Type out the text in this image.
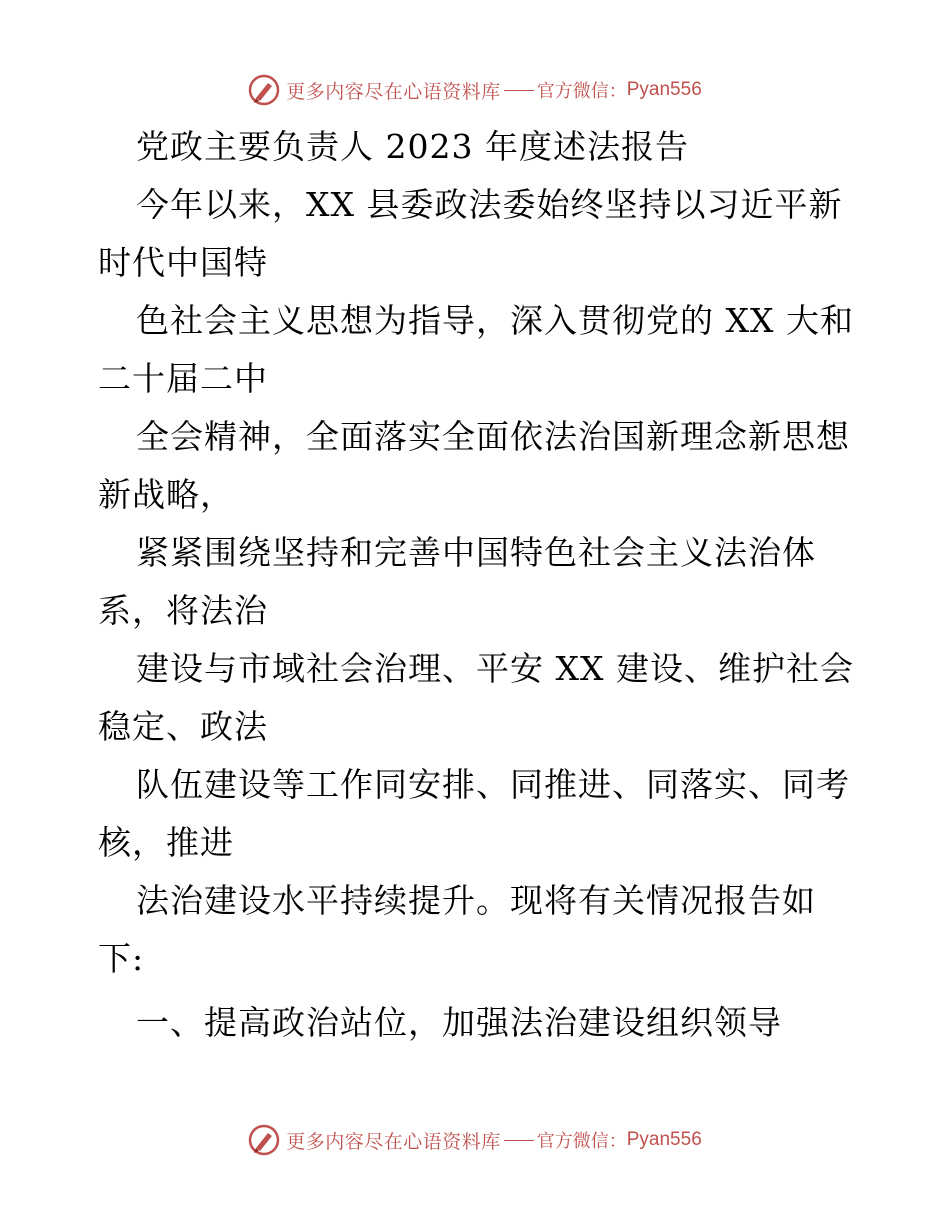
更多内容尽在心语资料库 官方微信： Pyan556
党政主要负责人 2023 年度述法报告
今年以来，XX 县委政法委始终坚持以习近平新
时代中国特
色社会主义思想为指导，深入贯彻党的 XX 大和
二十届二中
全会精神，全面落实全面依法治国新理念新思想
新战略，
紧紧围绕坚持和完善中国特色社会主义法治体
系，将法治
建设与市域社会治理、平安 XX 建设、维护社会
稳定、政法
队伍建设等工作同安排、同推进、同落实、同考
核，推进
法治建设水平持续提升。现将有关情况报告如
下:
一、提高政治站位，加强法治建设组织领导
更多内容尽在心语资料库 官方微信： Pyan556
